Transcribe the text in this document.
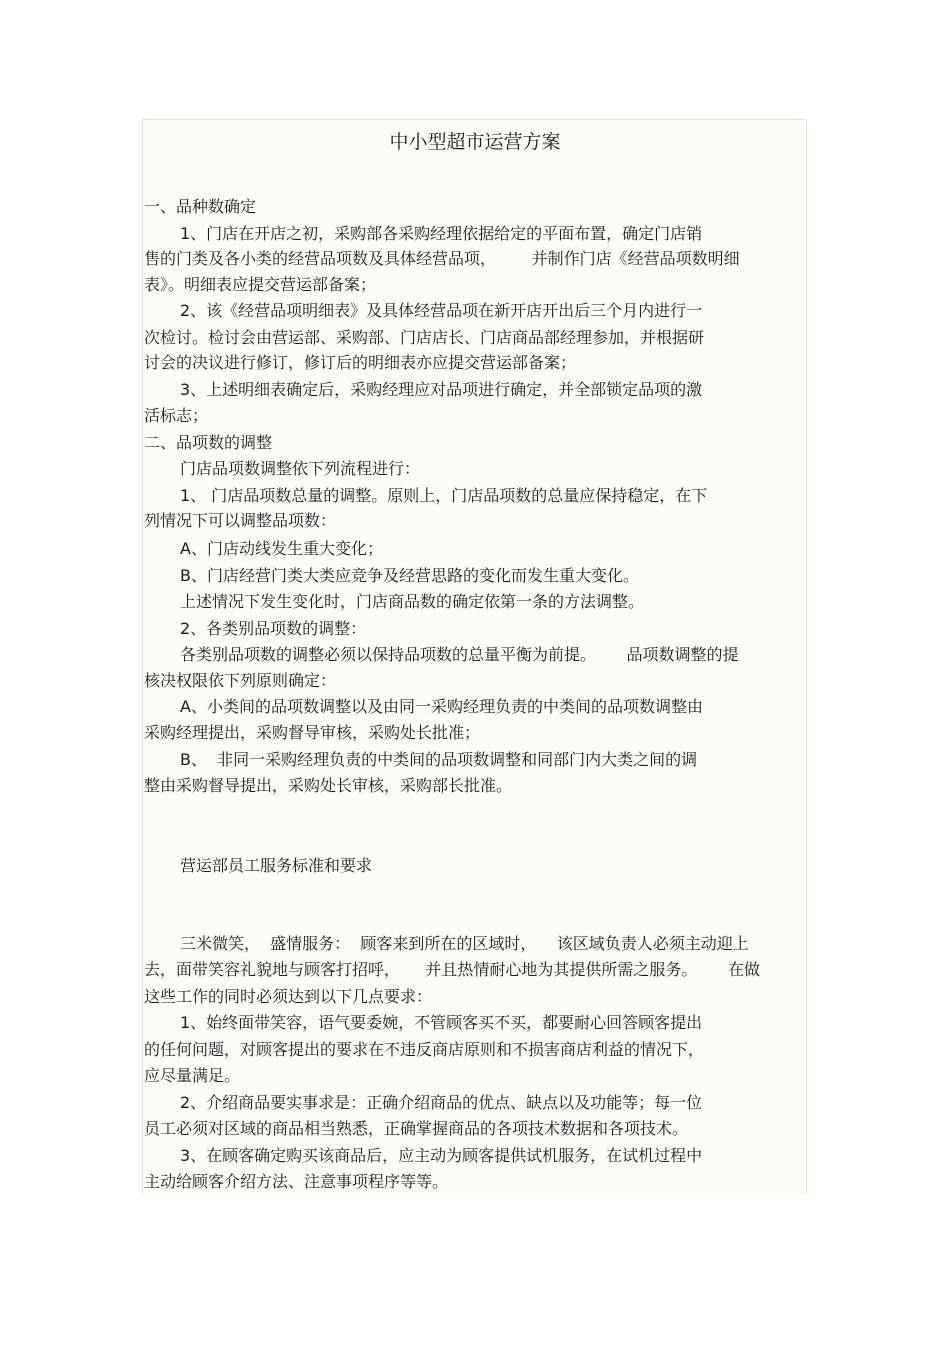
中小型超市运营方案
一、品种数确定
1、门店在开店之初，采购部各采购经理依据给定的平面布置，确定门店销
售的门类及各小类的经营品项数及具体经营品项，       并制作门店《经营品项数明细
表》。明细表应提交营运部备案；
2、该《经营品项明细表》及具体经营品项在新开店开出后三个月内进行一
次检讨。检讨会由营运部、采购部、门店店长、门店商品部经理参加，并根据研
讨会的决议进行修订，修订后的明细表亦应提交营运部备案；
3、上述明细表确定后，采购经理应对品项进行确定，并全部锁定品项的激
活标志；
二、品项数的调整
门店品项数调整依下列流程进行：
1、 门店品项数总量的调整。原则上，门店品项数的总量应保持稳定，在下
列情况下可以调整品项数：
A、门店动线发生重大变化；
B、门店经营门类大类应竞争及经营思路的变化而发生重大变化。
上述情况下发生变化时，门店商品数的确定依第一条的方法调整。
2、各类别品项数的调整：
各类别品项数的调整必须以保持品项数的总量平衡为前提。      品项数调整的提
核决权限依下列原则确定：
A、小类间的品项数调整以及由同一采购经理负责的中类间的品项数调整由
采购经理提出，采购督导审核，采购处长批准；
B、  非同一采购经理负责的中类间的品项数调整和同部门内大类之间的调
整由采购督导提出，采购处长审核，采购部长批准。
营运部员工服务标准和要求
三米微笑，  盛情服务：  顾客来到所在的区域时，    该区域负责人必须主动迎上
去，面带笑容礼貌地与顾客打招呼，     并且热情耐心地为其提供所需之服务。      在做
这些工作的同时必须达到以下几点要求：
1、始终面带笑容，语气要委婉，不管顾客买不买，都要耐心回答顾客提出
的任何问题，对顾客提出的要求在不违反商店原则和不损害商店利益的情况下，
应尽量满足。
2、介绍商品要实事求是：正确介绍商品的优点、缺点以及功能等；每一位
员工必须对区域的商品相当熟悉，正确掌握商品的各项技术数据和各项技术。
3、在顾客确定购买该商品后，应主动为顾客提供试机服务，在试机过程中
主动给顾客介绍方法、注意事项程序等等。
